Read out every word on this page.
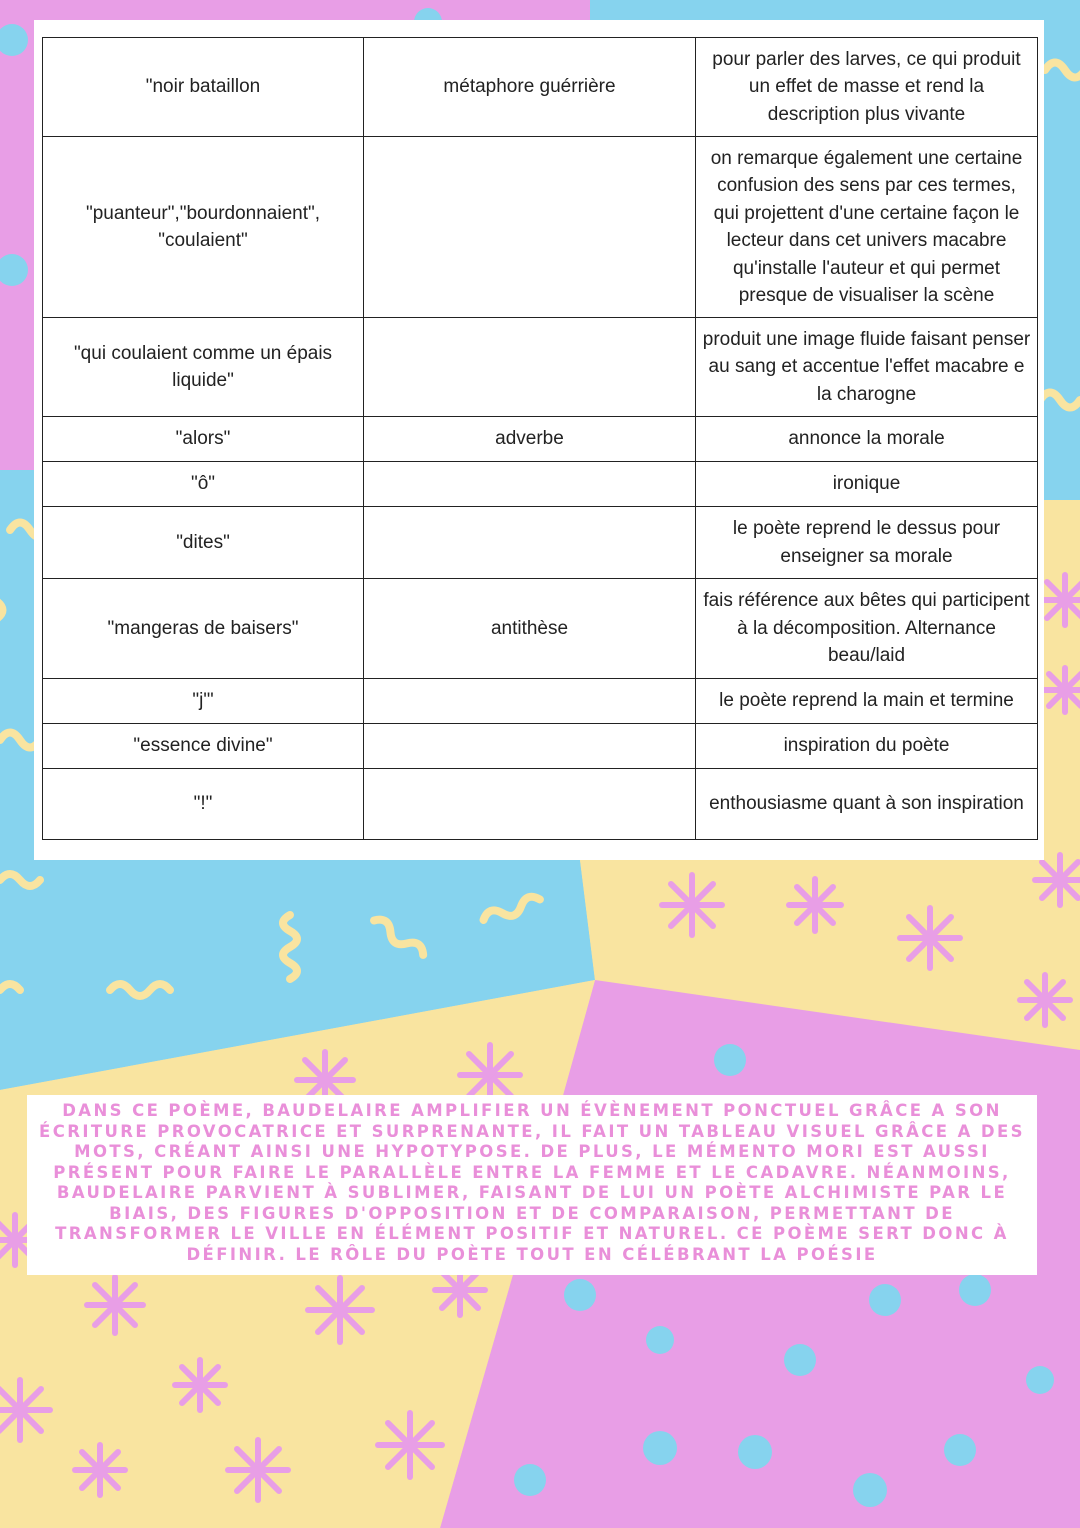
"noir bataillon	métaphore guérrière	pour parler des larves, ce qui produit un effet de masse et rend la description plus vivante
"puanteur","bourdonnaient", "coulaient"		on remarque également une certaine confusion des sens par ces termes, qui projettent d'une certaine façon le lecteur dans cet univers macabre qu'installe l'auteur et qui permet presque de visualiser la scène
"qui coulaient comme un épais liquide"		produit une image fluide faisant penser au sang et accentue l'effet macabre e la charogne
"alors"	adverbe	annonce la morale
"ô"		ironique
"dites"		le poète reprend le dessus pour enseigner sa morale
"mangeras de baisers"	antithèse	fais référence aux bêtes qui participent à la décomposition. Alternance beau/laid
"j'"		le poète reprend la main et termine
"essence divine"		inspiration du poète
"!"		enthousiasme quant à son inspiration

DANS CE POÈME, BAUDELAIRE AMPLIFIER UN ÉVÈNEMENT PONCTUEL GRÂCE A SON ÉCRITURE PROVOCATRICE ET SURPRENANTE, IL FAIT UN TABLEAU VISUEL GRÂCE A DES MOTS, CRÉANT AINSI UNE HYPOTYPOSE. DE PLUS, LE MÉMENTO MORI EST AUSSI PRÉSENT POUR FAIRE LE PARALLÈLE ENTRE LA FEMME ET LE CADAVRE. NÉANMOINS, BAUDELAIRE PARVIENT À SUBLIMER, FAISANT DE LUI UN POÈTE ALCHIMISTE PAR LE BIAIS, DES FIGURES D'OPPOSITION ET DE COMPARAISON, PERMETTANT DE TRANSFORMER LE VILLE EN ÉLÉMENT POSITIF ET NATUREL. CE POÈME SERT DONC À DÉFINIR. LE RÔLE DU POÈTE TOUT EN CÉLÉBRANT LA POÉSIE
